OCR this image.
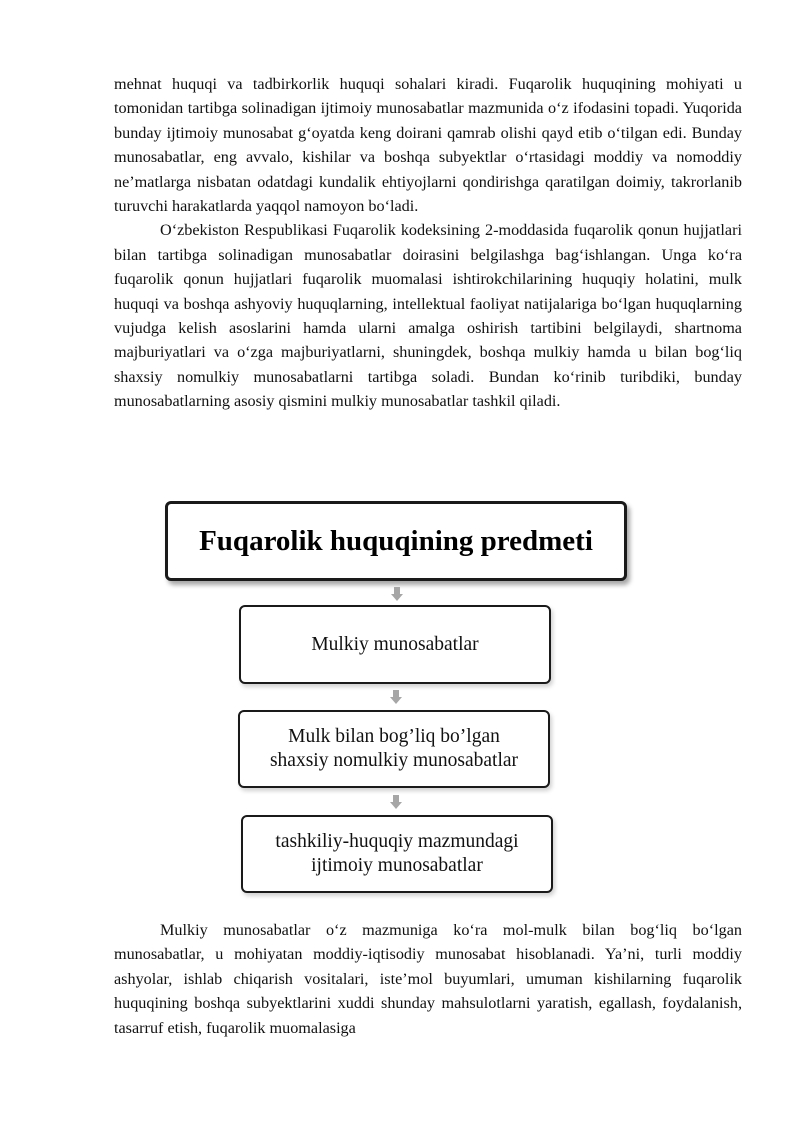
mehnat huquqi va tadbirkorlik huquqi sohalari kiradi. Fuqarolik huquqining mohiyati u tomonidan tartibga solinadigan ijtimoiy munosabatlar mazmunida o‘z ifodasini topadi. Yuqorida bunday ijtimoiy munosabat g‘oyatda keng doirani qamrab olishi qayd etib o‘tilgan edi. Bunday munosabatlar, eng avvalo, kishilar va boshqa subyektlar o‘rtasidagi moddiy va nomoddiy ne’matlarga nisbatan odatdagi kundalik ehtiyojlarni qondirishga qaratilgan doimiy, takrorlanib turuvchi harakatlarda yaqqol namoyon bo‘ladi.

O‘zbekiston Respublikasi Fuqarolik kodeksining 2-moddasida fuqarolik qonun hujjatlari bilan tartibga solinadigan munosabatlar doirasini belgilashga bag‘ishlangan. Unga ko‘ra fuqarolik qonun hujjatlari fuqarolik muomalasi ishtirokchilarining huquqiy holatini, mulk huquqi va boshqa ashyoviy huquqlarning, intellektual faoliyat natijalariga bo‘lgan huquqlarning vujudga kelish asoslarini hamda ularni amalga oshirish tartibini belgilaydi, shartnoma majburiyatlari va o‘zga majburiyatlarni, shuningdek, boshqa mulkiy hamda u bilan bog‘liq shaxsiy nomulkiy munosabatlarni tartibga soladi. Bundan ko‘rinib turibdiki, bunday munosabatlarning asosiy qismini mulkiy munosabatlar tashkil qiladi.

Fuqarolik huquqining predmeti
Mulkiy munosabatlar
Mulk bilan bog’liq bo’lgan
shaxsiy nomulkiy munosabatlar
tashkiliy-huquqiy mazmundagi
ijtimoiy munosabatlar

Mulkiy munosabatlar o‘z mazmuniga ko‘ra mol-mulk bilan bog‘liq bo‘lgan munosabatlar, u mohiyatan moddiy-iqtisodiy munosabat hisoblanadi. Ya’ni, turli moddiy ashyolar, ishlab chiqarish vositalari, iste’mol buyumlari, umuman kishilarning fuqarolik huquqining boshqa subyektlarini xuddi shunday mahsulotlarni yaratish, egallash, foydalanish, tasarruf etish, fuqarolik muomalasiga
